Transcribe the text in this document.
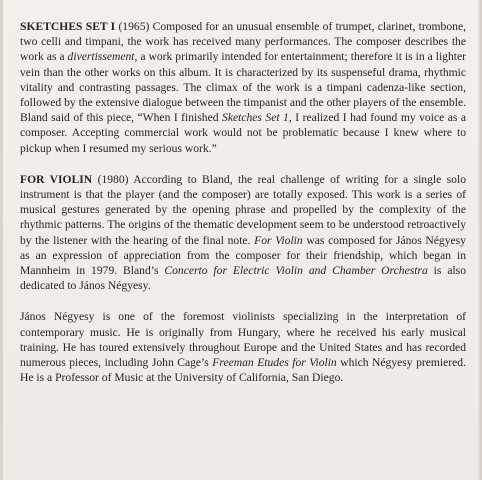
SKETCHES SET I (1965) Composed for an unusual ensemble of trumpet, clarinet, trombone, two celli and timpani, the work has received many performances. The composer describes the work as a divertissement, a work primarily intended for entertainment; therefore it is in a lighter vein than the other works on this album. It is characterized by its suspenseful drama, rhythmic vitality and contrasting passages. The climax of the work is a timpani cadenza-like section, followed by the extensive dialogue between the timpanist and the other players of the ensemble. Bland said of this piece, “When I finished Sketches Set 1, I realized I had found my voice as a composer. Accepting commercial work would not be problematic because I knew where to pickup when I resumed my serious work.”

FOR VIOLIN (1980) According to Bland, the real challenge of writing for a single solo instrument is that the player (and the composer) are totally exposed. This work is a series of musical gestures generated by the opening phrase and propelled by the complexity of the rhythmic patterns. The origins of the thematic development seem to be understood retroactively by the listener with the hearing of the final note. For Violin was composed for János Négyesy as an expression of appreciation from the composer for their friendship, which began in Mannheim in 1979. Bland’s Concerto for Electric Violin and Chamber Orchestra is also dedicated to János Négyesy.

János Négyesy is one of the foremost violinists specializing in the interpretation of contemporary music. He is originally from Hungary, where he received his early musical training. He has toured extensively throughout Europe and the United States and has recorded numerous pieces, including John Cage’s Freeman Etudes for Violin which Négyesy premiered. He is a Professor of Music at the University of California, San Diego.
